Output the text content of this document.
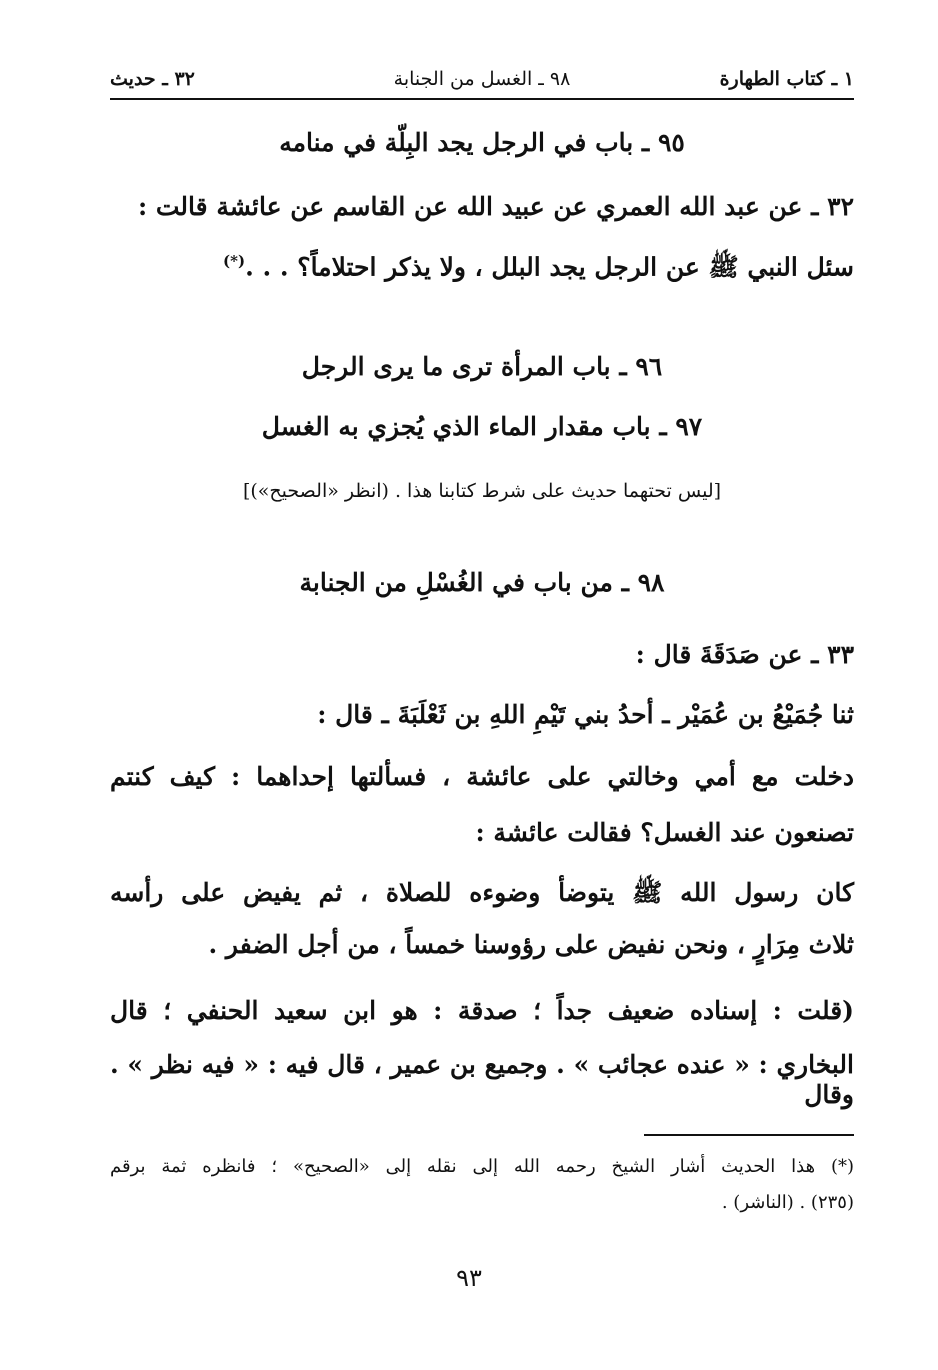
١ ـ كتاب الطهارة
٩٨ ـ الغسل من الجنابة
٣٢ ـ حديث
٩٥ ـ باب في الرجل يجد البِلّة في منامه
٣٢ ـ عن عبد الله العمري عن عبيد الله عن القاسم عن عائشة قالت :
سئل النبي ﷺ عن الرجل يجد البلل ، ولا يذكر احتلاماً؟ . . .(*)
٩٦ ـ باب المرأة ترى ما يرى الرجل
٩٧ ـ باب مقدار الماء الذي يُجزي به الغسل
[ليس تحتهما حديث على شرط كتابنا هذا . (انظر «الصحيح»)]
٩٨ ـ من باب في الغُسْلِ من الجنابة
٣٣ ـ عن صَدَقَةَ قال :
ثنا جُمَيْعُ بن عُمَيْر ـ أحدُ بني تَيْمِ اللهِ بن ثَعْلَبَةَ ـ قال :
دخلت مع أمي وخالتي على عائشة ، فسألتها إحداهما : كيف كنتم
تصنعون عند الغسل؟ فقالت عائشة :
كان رسول الله ﷺ يتوضأ وضوءه للصلاة ، ثم يفيض على رأسه
ثلاث مِرَارٍ ، ونحن نفيض على رؤوسنا خمساً ، من أجل الضفر .
(قلت : إسناده ضعيف جداً ؛ صدقة : هو ابن سعيد الحنفي ؛ قال
البخاري : « عنده عجائب » . وجميع بن عمير ، قال فيه : « فيه نظر » . وقال
(*) هذا الحديث أشار الشيخ رحمه الله إلى نقله إلى «الصحيح» ؛ فانظره ثمة برقم
(٢٣٥) . (الناشر) .
٩٣
